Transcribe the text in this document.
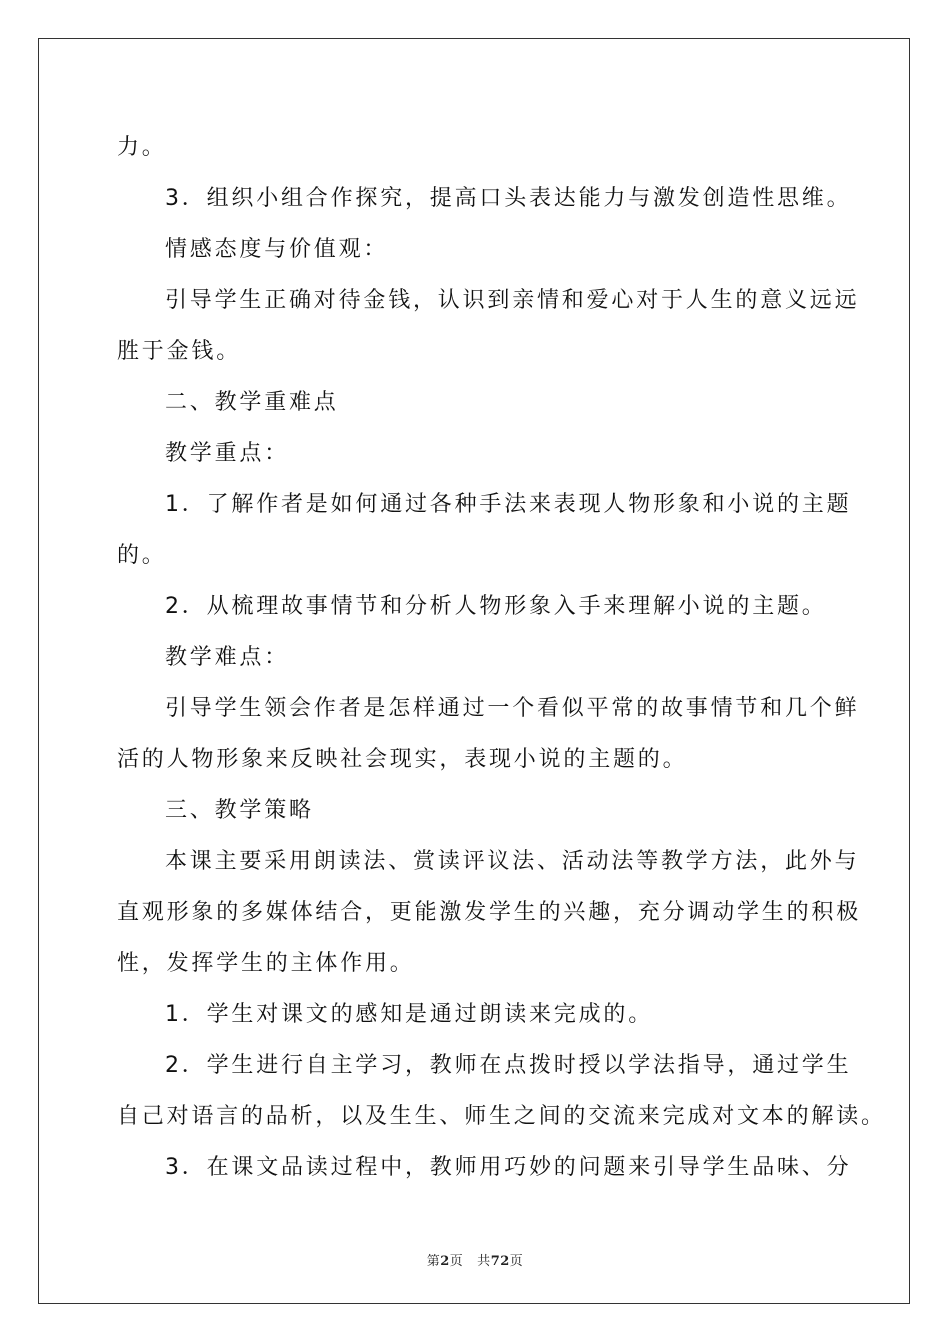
力。

3．组织小组合作探究，提高口头表达能力与激发创造性思维。

情感态度与价值观：

引导学生正确对待金钱，认识到亲情和爱心对于人生的意义远远

胜于金钱。

二、教学重难点

教学重点：

1．了解作者是如何通过各种手法来表现人物形象和小说的主题

的。

2．从梳理故事情节和分析人物形象入手来理解小说的主题。

教学难点：

引导学生领会作者是怎样通过一个看似平常的故事情节和几个鲜

活的人物形象来反映社会现实，表现小说的主题的。

三、教学策略

本课主要采用朗读法、赏读评议法、活动法等教学方法，此外与

直观形象的多媒体结合，更能激发学生的兴趣，充分调动学生的积极

性，发挥学生的主体作用。

1．学生对课文的感知是通过朗读来完成的。

2．学生进行自主学习，教师在点拨时授以学法指导，通过学生

自己对语言的品析，以及生生、师生之间的交流来完成对文本的解读。

3．在课文品读过程中，教师用巧妙的问题来引导学生品味、分

第2页 共72页
